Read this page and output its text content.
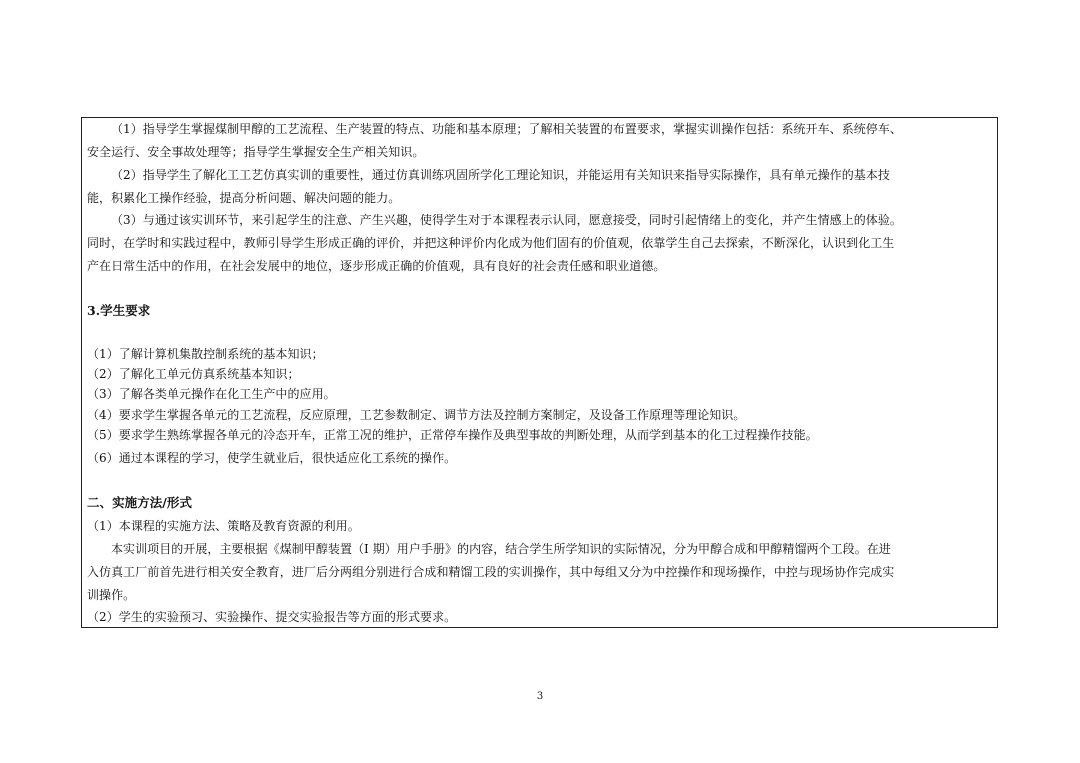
（1）指导学生掌握煤制甲醇的工艺流程、生产装置的特点、功能和基本原理；了解相关装置的布置要求，掌握实训操作包括：系统开车、系统停车、
安全运行、安全事故处理等；指导学生掌握安全生产相关知识。
（2）指导学生了解化工工艺仿真实训的重要性，通过仿真训练巩固所学化工理论知识，并能运用有关知识来指导实际操作，具有单元操作的基本技
能，积累化工操作经验，提高分析问题、解决问题的能力。
（3）与通过该实训环节，来引起学生的注意、产生兴趣，使得学生对于本课程表示认同，愿意接受，同时引起情绪上的变化，并产生情感上的体验。
同时，在学时和实践过程中，教师引导学生形成正确的评价，并把这种评价内化成为他们固有的价值观，依靠学生自己去探索，不断深化，认识到化工生
产在日常生活中的作用，在社会发展中的地位，逐步形成正确的价值观，具有良好的社会责任感和职业道德。
3.学生要求
（1）了解计算机集散控制系统的基本知识；
（2）了解化工单元仿真系统基本知识；
（3）了解各类单元操作在化工生产中的应用。
（4）要求学生掌握各单元的工艺流程，反应原理，工艺参数制定、调节方法及控制方案制定，及设备工作原理等理论知识。
（5）要求学生熟练掌握各单元的冷态开车，正常工况的维护，正常停车操作及典型事故的判断处理，从而学到基本的化工过程操作技能。
（6）通过本课程的学习，使学生就业后，很快适应化工系统的操作。
二、实施方法/形式
（1）本课程的实施方法、策略及教育资源的利用。
本实训项目的开展，主要根据《煤制甲醇装置（I 期）用户手册》的内容，结合学生所学知识的实际情况，分为甲醇合成和甲醇精馏两个工段。在进
入仿真工厂前首先进行相关安全教育，进厂后分两组分别进行合成和精馏工段的实训操作，其中每组又分为中控操作和现场操作，中控与现场协作完成实
训操作。
（2）学生的实验预习、实验操作、提交实验报告等方面的形式要求。
3
